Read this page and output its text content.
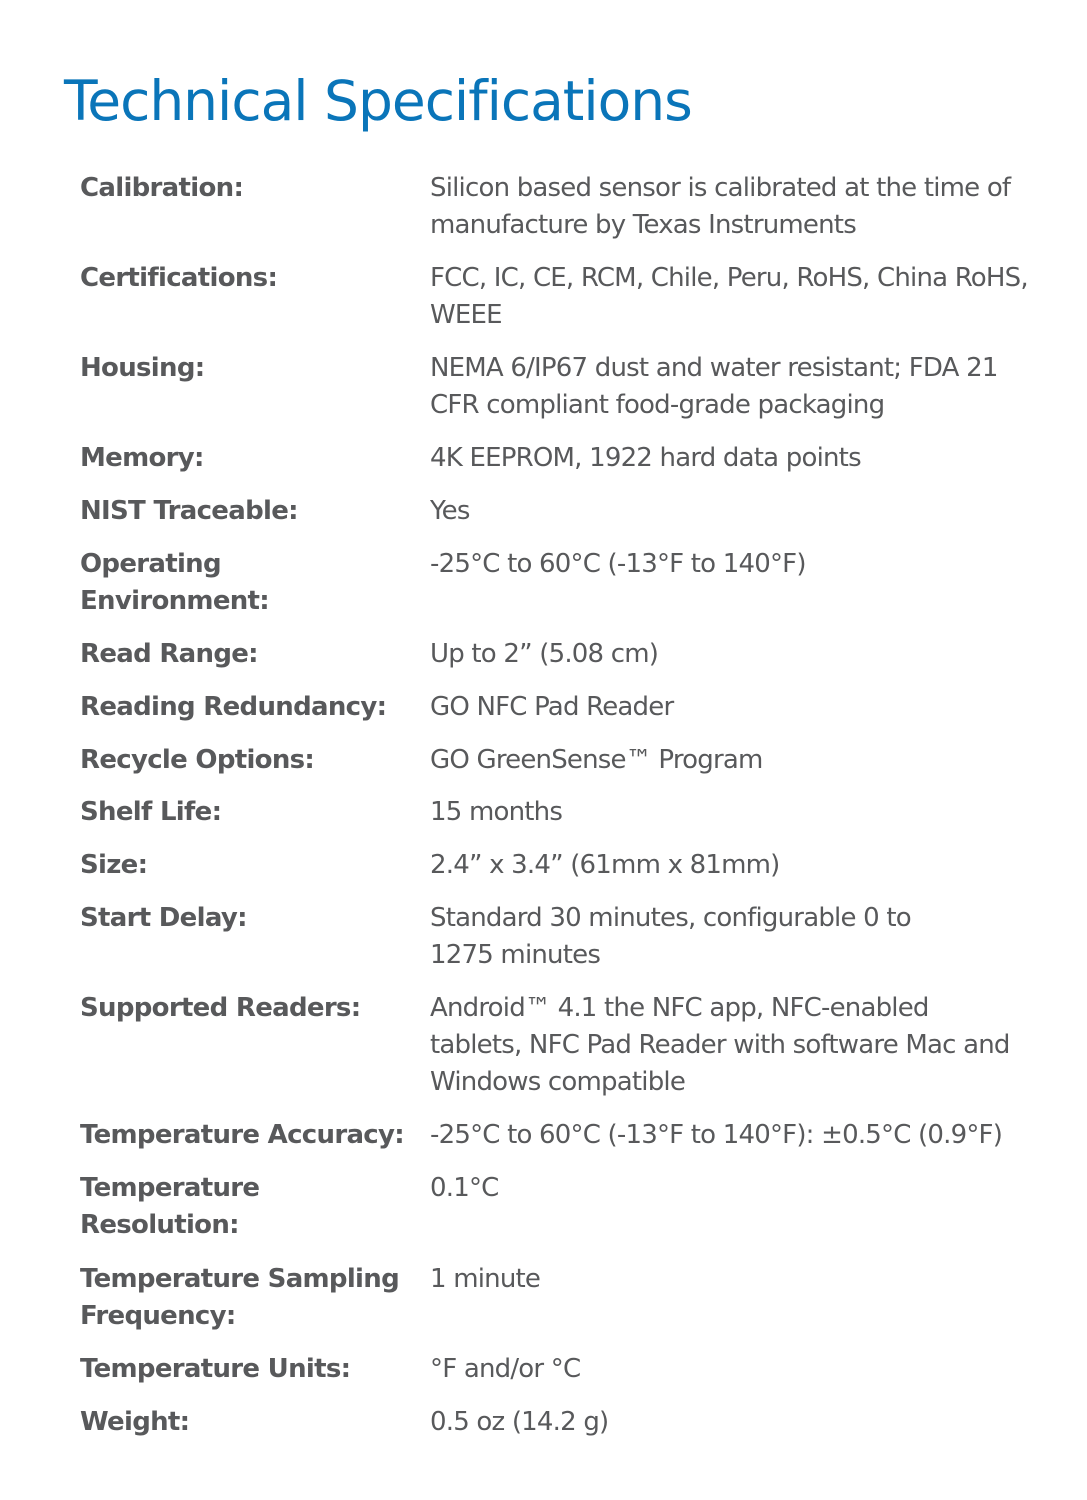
Technical Specifications
Calibration:	Silicon based sensor is calibrated at the time of manufacture by Texas Instruments
Certifications:	FCC, IC, CE, RCM, Chile, Peru, RoHS, China RoHS, WEEE
Housing:	NEMA 6/IP67 dust and water resistant; FDA 21 CFR compliant food-grade packaging
Memory:	4K EEPROM, 1922 hard data points
NIST Traceable:	Yes
Operating Environment:
-25°C to 60°C (-13°F to 140°F)
Read Range:	Up to 2” (5.08 cm)
Reading Redundancy:	GO NFC Pad Reader
Recycle Options:	GO GreenSense™ Program
Shelf Life:	15 months
Size:	2.4” x 3.4” (61mm x 81mm)
Start Delay:	Standard 30 minutes, configurable 0 to 1275 minutes
Supported Readers:	Android™ 4.1 the NFC app, NFC-enabled tablets, NFC Pad Reader with software Mac and Windows compatible
Temperature Accuracy: -25°C to 60°C (-13°F to 140°F): ±0.5°C (0.9°F)
Temperature Resolution:
0.1°C
Temperature Sampling Frequency:
1 minute
Temperature Units:	°F and/or °C
Weight:	0.5 oz (14.2 g)
